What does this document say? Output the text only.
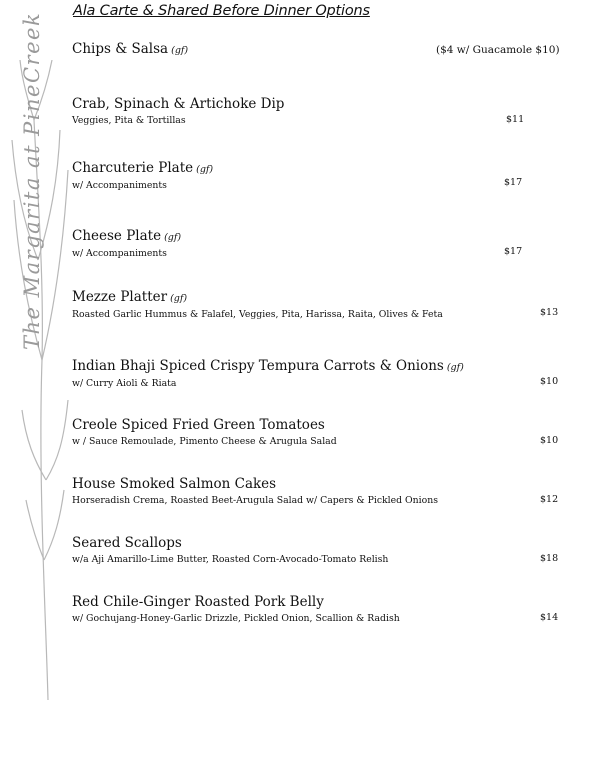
Ala Carte & Shared Before Dinner Options
The Margarita at PineCreek Chips & Salsa (gf)	($4 w/ Guacamole $10)
Crab, Spinach & Artichoke Dip
Veggies, Pita & Tortillas	$11
Charcuterie Plate (gf)
w/ Accompaniments	$17
Cheese Plate (gf)
w/ Accompaniments	$17
Mezze Platter (gf)
Roasted Garlic Hummus & Falafel, Veggies, Pita, Harissa, Raita, Olives & Feta	$13
Indian Bhaji Spiced Crispy Tempura Carrots & Onions (gf)
w/ Curry Aioli & Riata	$10
Creole Spiced Fried Green Tomatoes
w / Sauce Remoulade, Pimento Cheese & Arugula Salad	$10
House Smoked Salmon Cakes
Horseradish Crema, Roasted Beet-Arugula Salad w/ Capers & Pickled Onions	$12
Seared Scallops
w/a Aji Amarillo-Lime Butter, Roasted Corn-Avocado-Tomato Relish	$18
Red Chile-Ginger Roasted Pork Belly
w/ Gochujang-Honey-Garlic Drizzle, Pickled Onion, Scallion & Radish	$14
